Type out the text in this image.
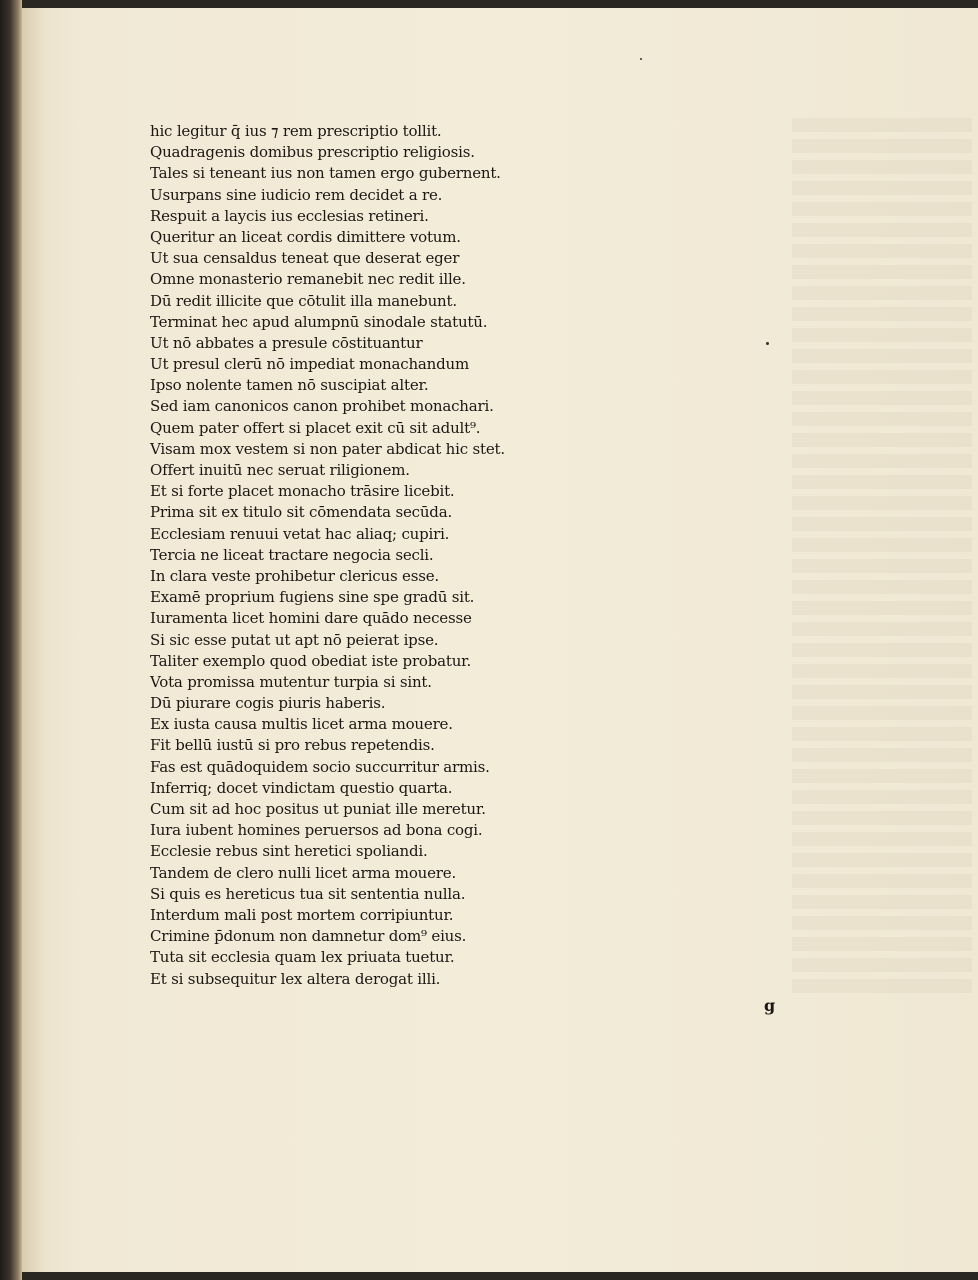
hic legitur q̄ ius ⁊ rem prescriptio tollit.
Quadragenis domibus prescriptio religiosis.
Tales si teneant ius non tamen ergo gubernent.
Usurpans sine iudicio rem decidet a re.
Respuit a laycis ius ecclesias retineri.
Queritur an liceat cordis dimittere votum.
Ut sua censaldus teneat que deserat eger
Omne monasterio remanebit nec redit ille.
Dū redit illicite que cōtulit illa manebunt.
Terminat hec apud alumpnū sinodale statutū.
Ut nō abbates a presule cōstituantur
Ut presul clerū nō impediat monachandum
Ipso nolente tamen nō suscipiat alter.
Sed iam canonicos canon prohibet monachari.
Quem pater offert si placet exit cū sit adult⁹.
Visam mox vestem si non pater abdicat hic stet.
Offert inuitū nec seruat riligionem.
Et si forte placet monacho trāsire licebit.
Prima sit ex titulo sit cōmendata secūda.
Ecclesiam renuui vetat hac aliaq; cupiri.
Tercia ne liceat tractare negocia secli.
In clara veste prohibetur clericus esse.
Examē proprium fugiens sine spe gradū sit.
Iuramenta licet homini dare quādo necesse
Si sic esse putat ut apt nō peierat ipse.
Taliter exemplo quod obediat iste probatur.
Vota promissa mutentur turpia si sint.
Dū piurare cogis piuris haberis.
Ex iusta causa multis licet arma mouere.
Fit bellū iustū si pro rebus repetendis.
Fas est quādoquidem socio succurritur armis.
Inferriq; docet vindictam questio quarta.
Cum sit ad hoc positus ut puniat ille meretur.
Iura iubent homines peruersos ad bona cogi.
Ecclesie rebus sint heretici spoliandi.
Tandem de clero nulli licet arma mouere.
Si quis es hereticus tua sit sententia nulla.
Interdum mali post mortem corripiuntur.
Crimine p̄donum non damnetur dom⁹ eius.
Tuta sit ecclesia quam lex priuata tuetur.
Et si subsequitur lex altera derogat illi.
g
